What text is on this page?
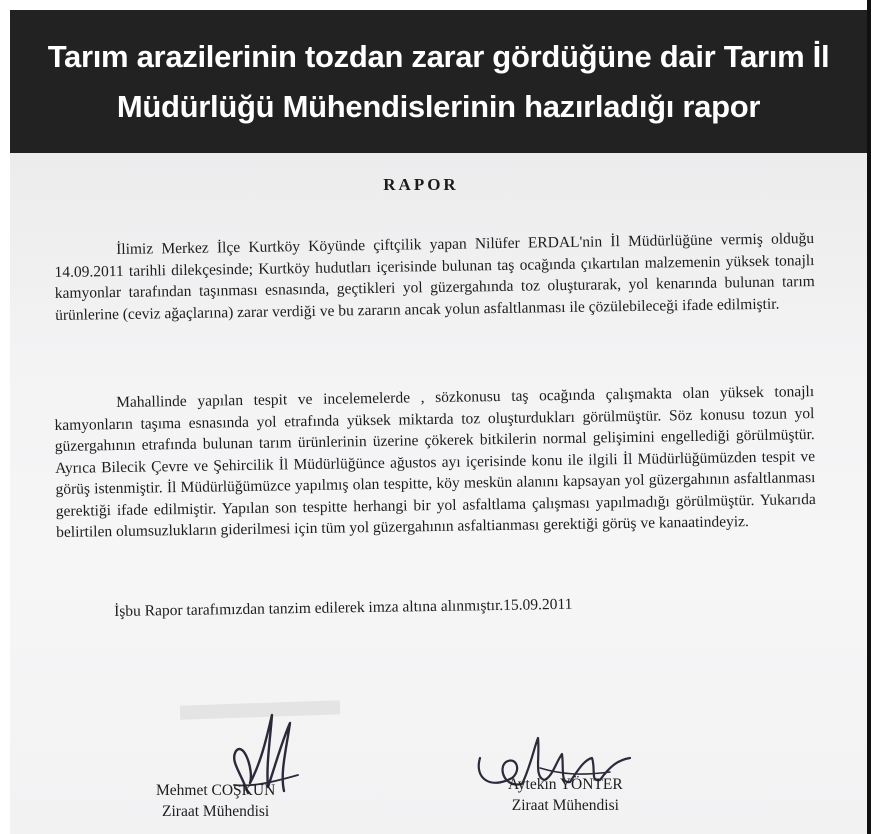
Tarım arazilerinin tozdan zarar gördüğüne dair Tarım İl
Müdürlüğü Mühendislerinin hazırladığı rapor

RAPOR

İlimiz Merkez İlçe Kurtköy Köyünde çiftçilik yapan Nilüfer ERDAL'nin İl Müdürlüğüne vermiş olduğu 14.09.2011 tarihli dilekçesinde; Kurtköy hudutları içerisinde bulunan taş ocağında çıkartılan malzemenin yüksek tonajlı kamyonlar tarafından taşınması esnasında, geçtikleri yol güzergahında toz oluşturarak, yol kenarında bulunan tarım ürünlerine (ceviz ağaçlarına) zarar verdiği ve bu zararın ancak yolun asfaltlanması ile çözülebileceği ifade edilmiştir.

Mahallinde yapılan tespit ve incelemelerde , sözkonusu taş ocağında çalışmakta olan yüksek tonajlı kamyonların taşıma esnasında yol etrafında yüksek miktarda toz oluşturdukları görülmüştür. Söz konusu tozun yol güzergahının etrafında bulunan tarım ürünlerinin üzerine çökerek bitkilerin normal gelişimini engellediği görülmüştür. Ayrıca Bilecik Çevre ve Şehircilik İl Müdürlüğünce ağustos ayı içerisinde konu ile ilgili İl Müdürlüğümüzden tespit ve görüş istenmiştir. İl Müdürlüğümüzce yapılmış olan tespitte, köy meskün alanını kapsayan yol güzergahının asfaltlanması gerektiği ifade edilmiştir. Yapılan son tespitte herhangi bir yol asfaltlama çalışması yapılmadığı görülmüştür. Yukarıda belirtilen olumsuzlukların giderilmesi için tüm yol güzergahının asfaltianması gerektiği görüş ve kanaatindeyiz.

İşbu Rapor tarafımızdan tanzim edilerek imza altına alınmıştır.15.09.2011

Mehmet COŞKUN
Ziraat Mühendisi
Aytekin YÖNTER
Ziraat Mühendisi
